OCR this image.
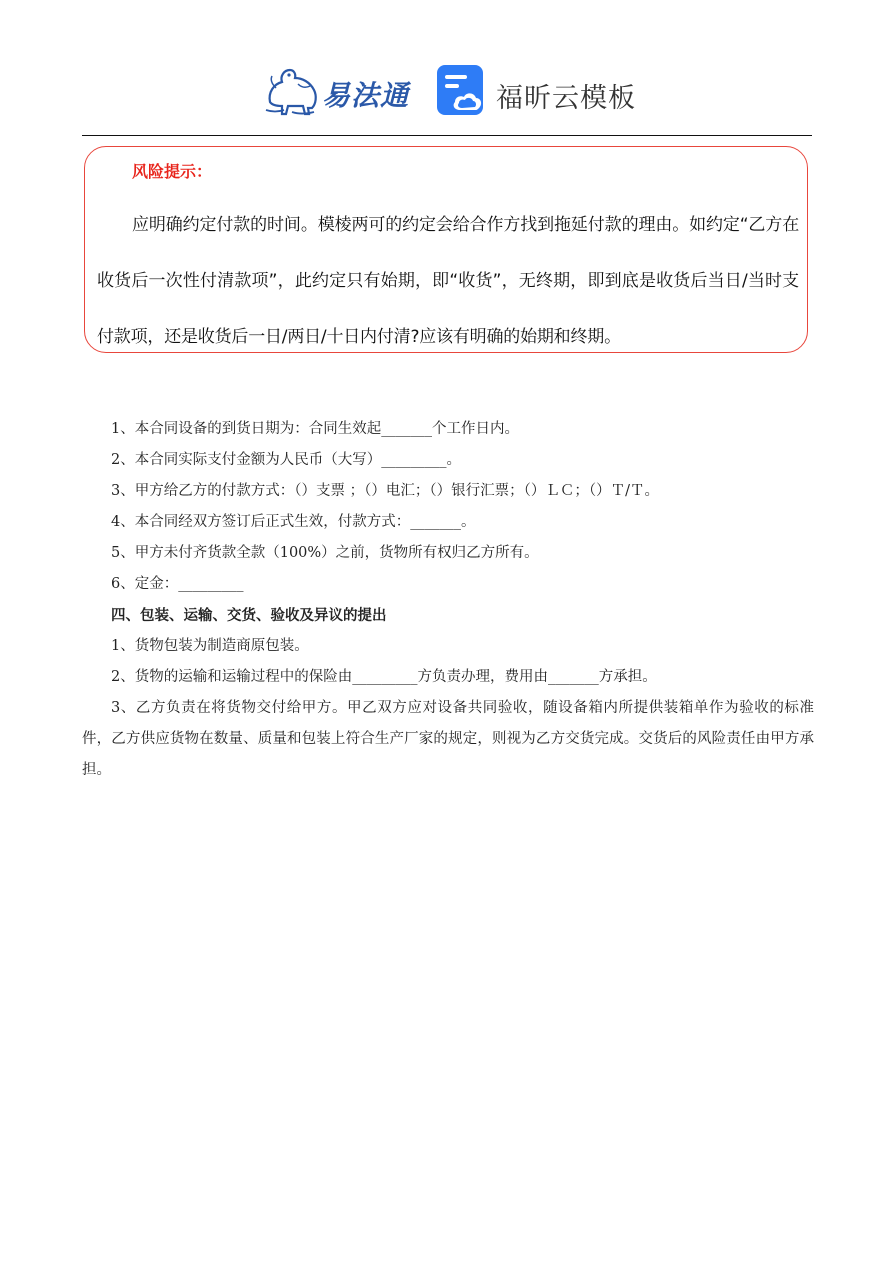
易法通	福昕云模板
风险提示：
应明确约定付款的时间。模棱两可的约定会给合作方找到拖延付款的理由。如约定“乙方在收货后一次性付清款项”，此约定只有始期，即“收货”，无终期，即到底是收货后当日/当时支付款项，还是收货后一日/两日/十日内付清?应该有明确的始期和终期。
1、本合同设备的到货日期为：合同生效起_______个工作日内。
2、本合同实际支付金额为人民币（大写）_________。
3、甲方给乙方的付款方式：（）支票 ；（）电汇；（）银行汇票；（）ＬＣ；（）Ｔ/Ｔ。
4、本合同经双方签订后正式生效，付款方式：_______。
5、甲方未付齐货款全款（100%）之前，货物所有权归乙方所有。
6、定金：_________
四、包装、运输、交货、验收及异议的提出
1、货物包装为制造商原包装。
2、货物的运输和运输过程中的保险由_________方负责办理，费用由_______方承担。
3、乙方负责在将货物交付给甲方。甲乙双方应对设备共同验收，随设备箱内所提供装箱单作为验收的标准件，乙方供应货物在数量、质量和包装上符合生产厂家的规定，则视为乙方交货完成。交货后的风险责任由甲方承担。
